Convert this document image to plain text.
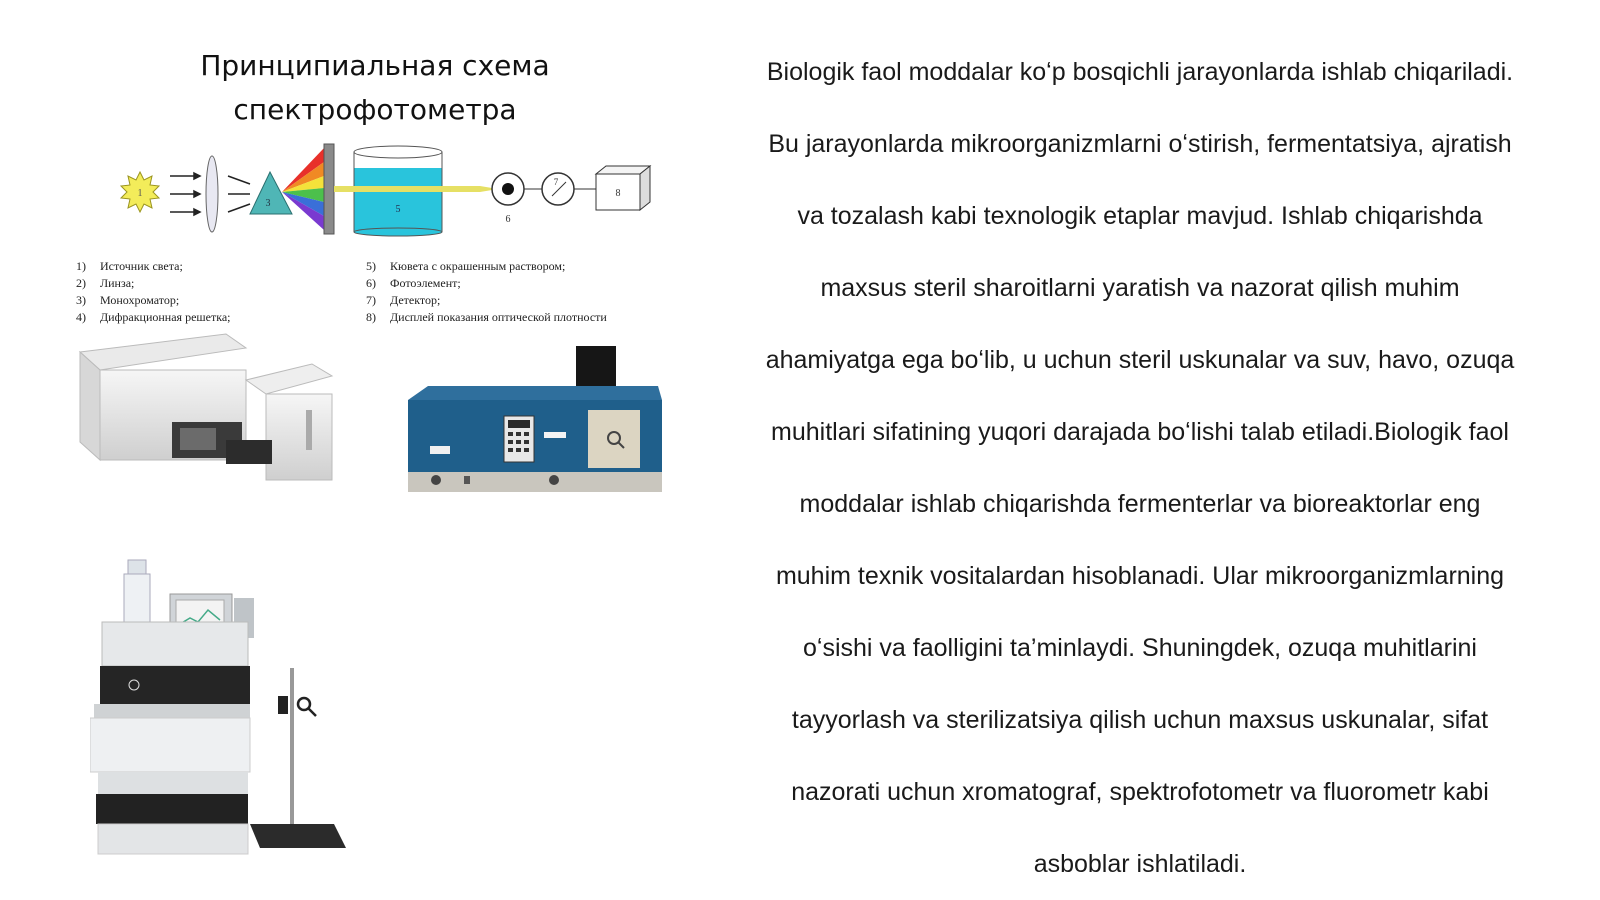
Принципиальная схема
спектрофотометра
1
3
5
6
7
8
1) Источник света;
2) Линза;
3) Монохроматор;
4) Дифракционная решетка;
5) Кювета с окрашенным раствором;
6) Фотоэлемент;
7) Детектор;
8) Дисплей показания оптической плотности
Biologik faol moddalar koʻp bosqichli jarayonlarda ishlab chiqariladi.
Bu jarayonlarda mikroorganizmlarni oʻstirish, fermentatsiya, ajratish
va tozalash kabi texnologik etaplar mavjud. Ishlab chiqarishda
maxsus steril sharoitlarni yaratish va nazorat qilish muhim
ahamiyatga ega boʻlib, u uchun steril uskunalar va suv, havo, ozuqa
muhitlari sifatining yuqori darajada boʻlishi talab etiladi.Biologik faol
moddalar ishlab chiqarishda fermenterlar va bioreaktorlar eng
muhim texnik vositalardan hisoblanadi. Ular mikroorganizmlarning
oʻsishi va faolligini ta’minlaydi. Shuningdek, ozuqa muhitlarini
tayyorlash va sterilizatsiya qilish uchun maxsus uskunalar, sifat
nazorati uchun xromatograf, spektrofotometr va fluorometr kabi
asboblar ishlatiladi.
